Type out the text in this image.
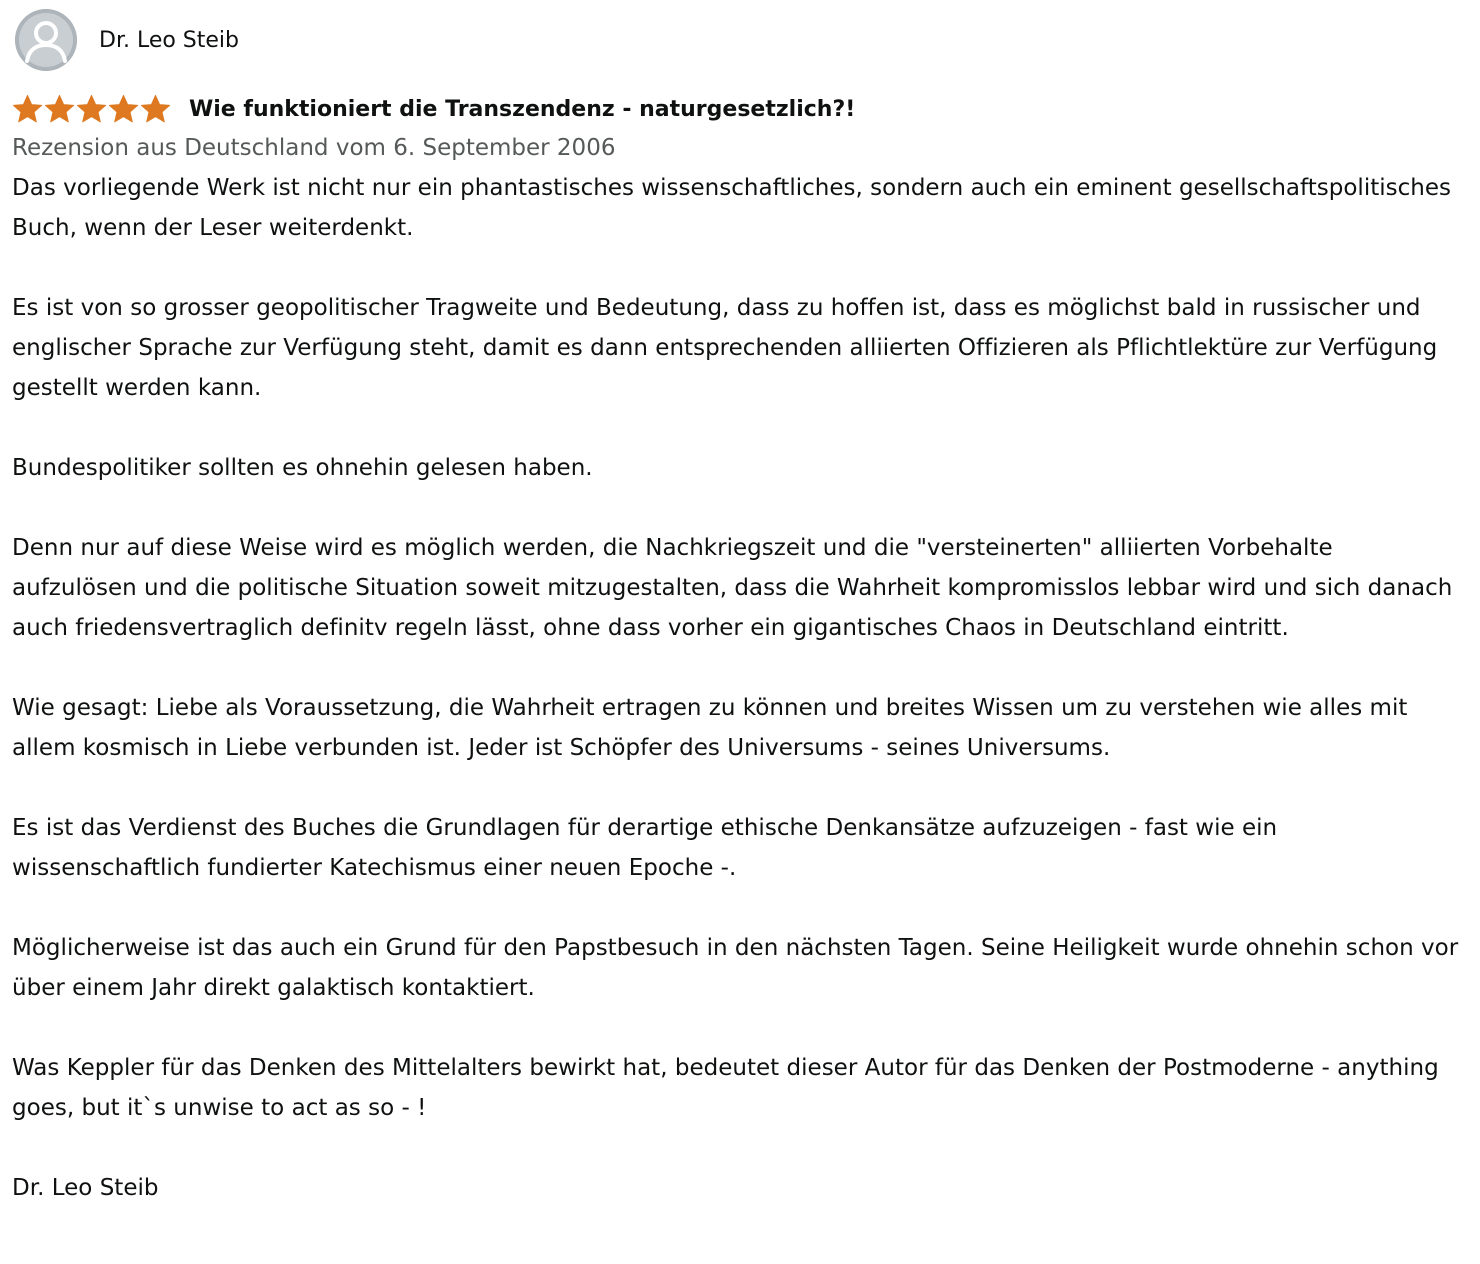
Dr. Leo Steib
Wie funktioniert die Transzendenz - naturgesetzlich?!
Rezension aus Deutschland vom 6. September 2006

Das vorliegende Werk ist nicht nur ein phantastisches wissenschaftliches, sondern auch ein eminent gesellschaftspolitisches Buch, wenn der Leser weiterdenkt.

Es ist von so grosser geopolitischer Tragweite und Bedeutung, dass zu hoffen ist, dass es möglichst bald in russischer und englischer Sprache zur Verfügung steht, damit es dann entsprechenden alliierten Offizieren als Pflichtlektüre zur Verfügung gestellt werden kann.

Bundespolitiker sollten es ohnehin gelesen haben.

Denn nur auf diese Weise wird es möglich werden, die Nachkriegszeit und die "versteinerten" alliierten Vorbehalte aufzulösen und die politische Situation soweit mitzugestalten, dass die Wahrheit kompromisslos lebbar wird und sich danach auch friedensvertraglich definitv regeln lässt, ohne dass vorher ein gigantisches Chaos in Deutschland eintritt.

Wie gesagt: Liebe als Voraussetzung, die Wahrheit ertragen zu können und breites Wissen um zu verstehen wie alles mit allem kosmisch in Liebe verbunden ist. Jeder ist Schöpfer des Universums - seines Universums.

Es ist das Verdienst des Buches die Grundlagen für derartige ethische Denkansätze aufzuzeigen - fast wie ein wissenschaftlich fundierter Katechismus einer neuen Epoche -.

Möglicherweise ist das auch ein Grund für den Papstbesuch in den nächsten Tagen. Seine Heiligkeit wurde ohnehin schon vor über einem Jahr direkt galaktisch kontaktiert.

Was Keppler für das Denken des Mittelalters bewirkt hat, bedeutet dieser Autor für das Denken der Postmoderne - anything goes, but it`s unwise to act as so - !

Dr. Leo Steib
